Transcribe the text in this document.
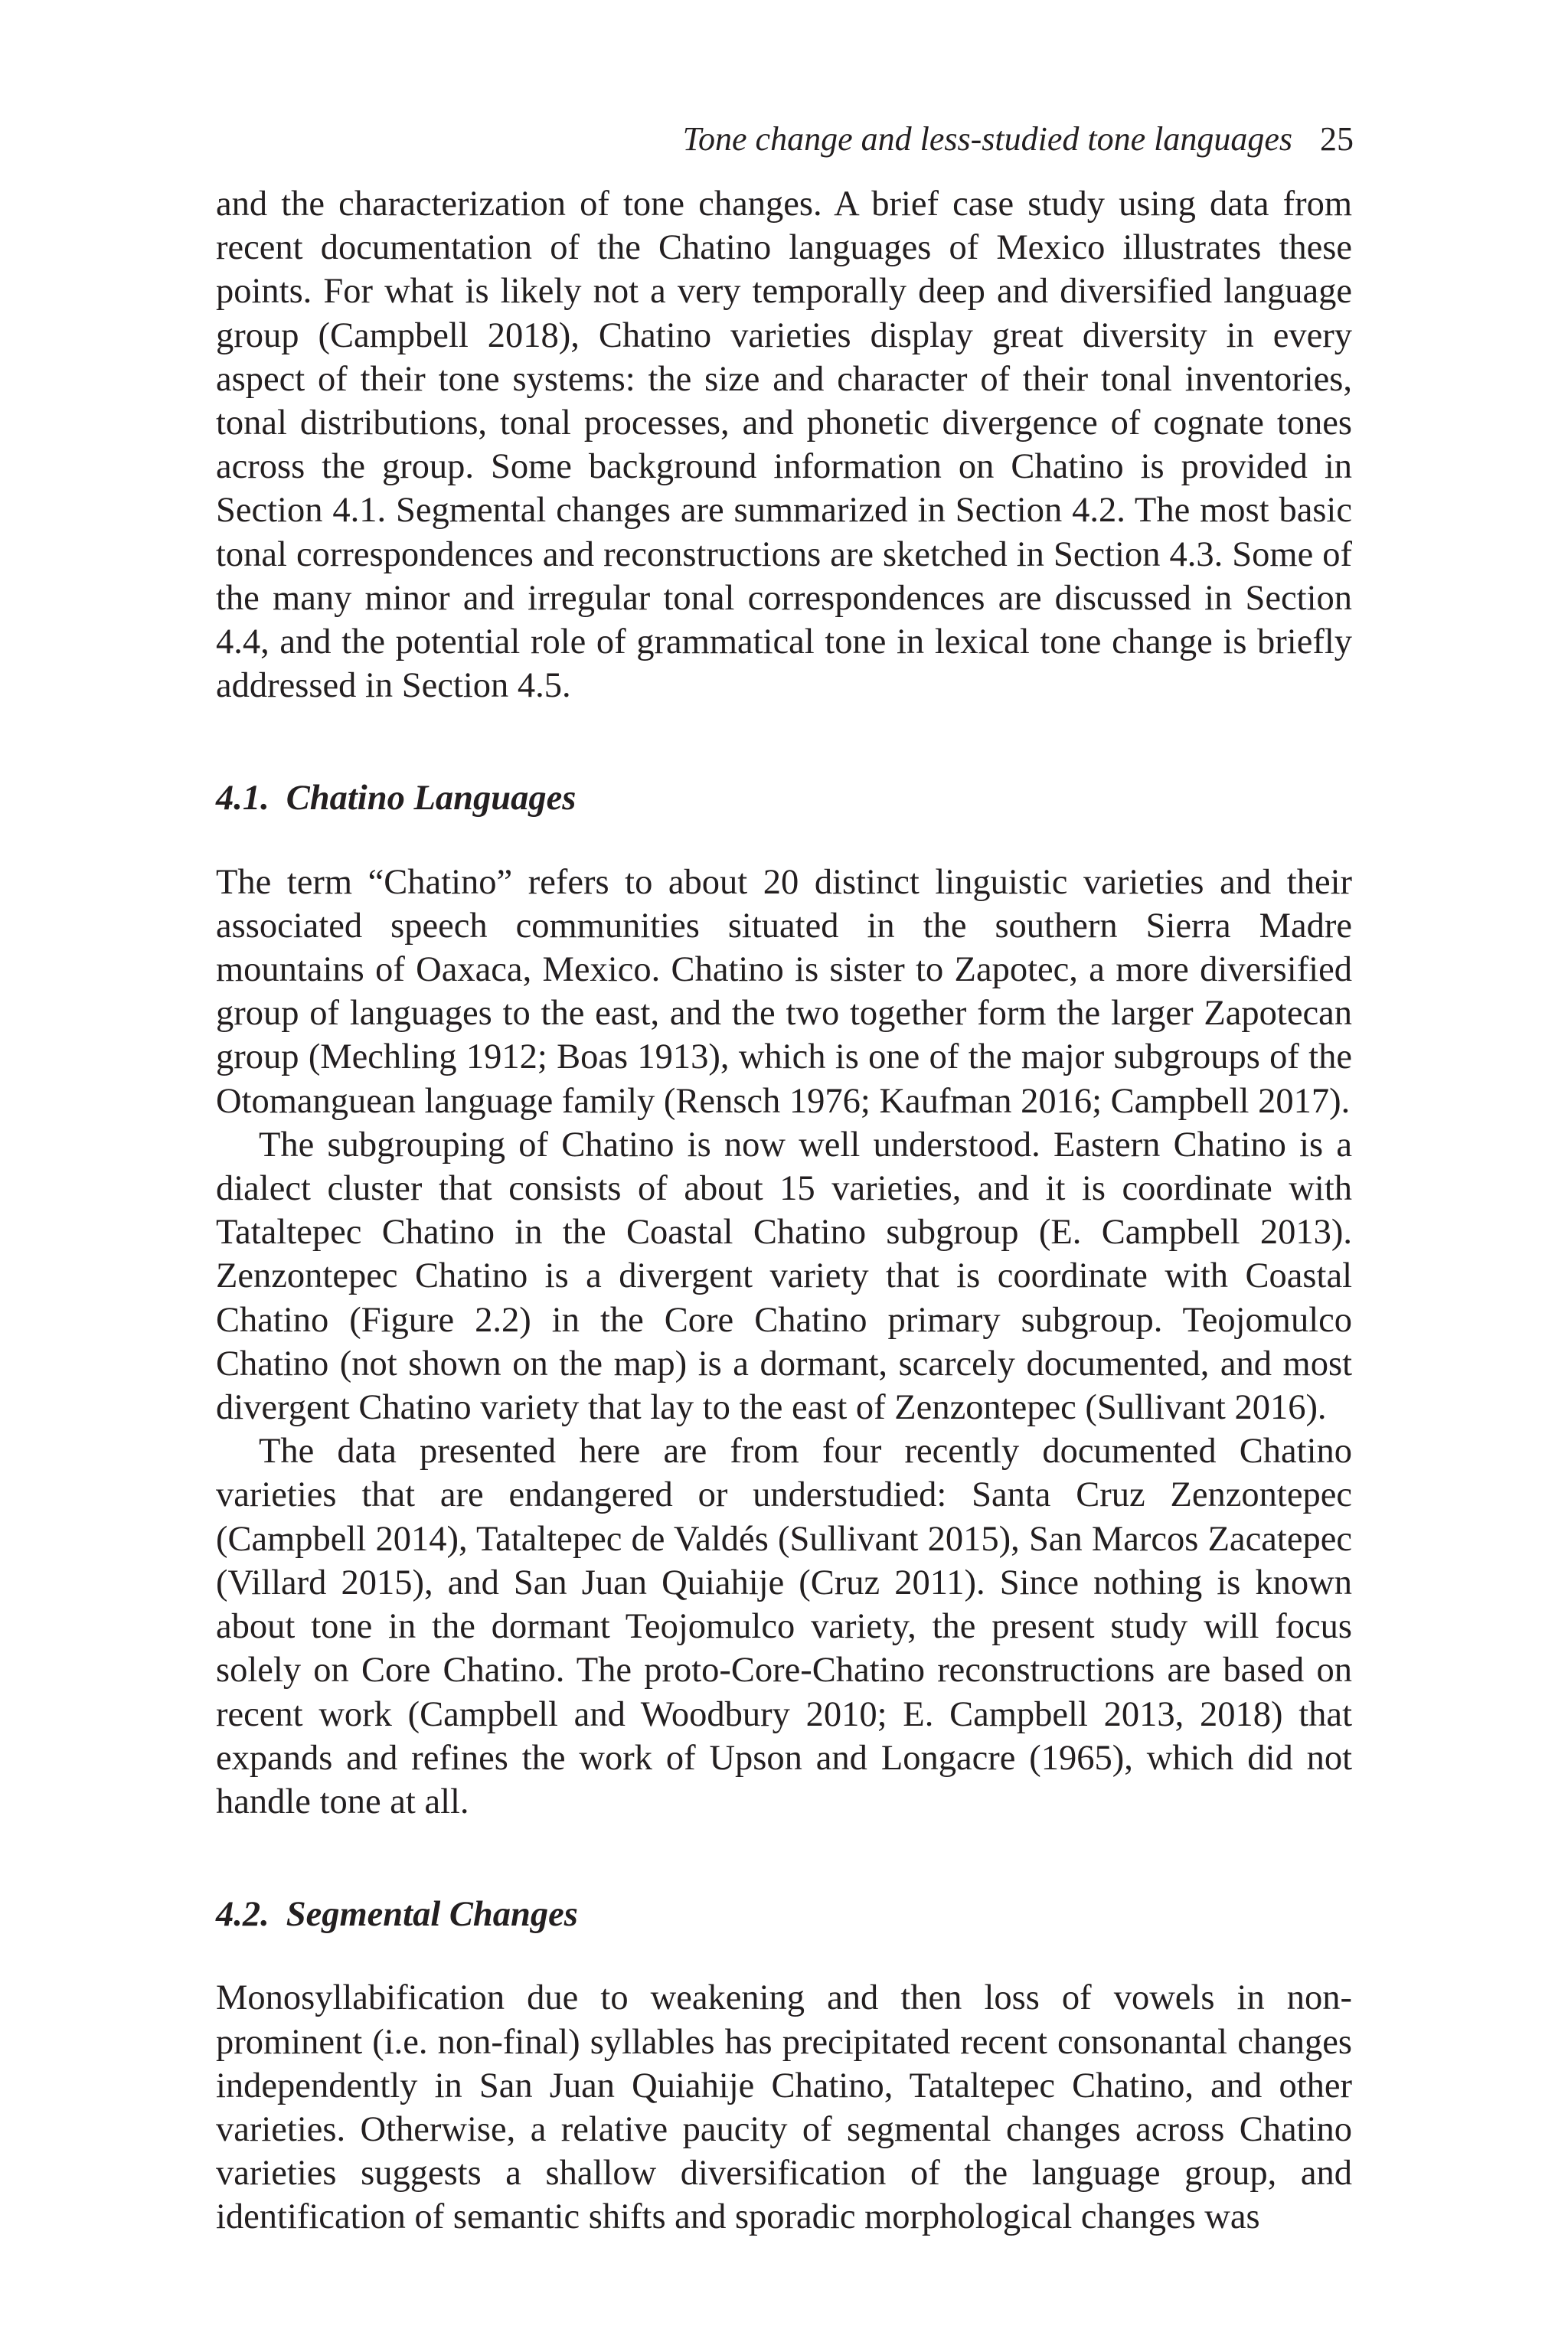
Tone change and less-studied tone languages 25

and the characterization of tone changes. A brief case study using data from recent documentation of the Chatino languages of Mexico illustrates these points. For what is likely not a very temporally deep and diversified language group (Campbell 2018), Chatino varieties display great diversity in every aspect of their tone systems: the size and character of their tonal inventories, tonal distributions, tonal processes, and phonetic divergence of cognate tones across the group. Some background information on Chatino is provided in Section 4.1. Segmental changes are summarized in Section 4.2. The most basic tonal correspondences and reconstructions are sketched in Section 4.3. Some of the many minor and irregular tonal correspondences are discussed in Section 4.4, and the potential role of grammatical tone in lexical tone change is briefly addressed in Section 4.5.

4.1. Chatino Languages

The term “Chatino” refers to about 20 distinct linguistic varieties and their associated speech communities situated in the southern Sierra Madre mountains of Oaxaca, Mexico. Chatino is sister to Zapotec, a more diversified group of languages to the east, and the two together form the larger Zapotecan group (Mechling 1912; Boas 1913), which is one of the major subgroups of the Otomanguean language family (Rensch 1976; Kaufman 2016; Campbell 2017).

The subgrouping of Chatino is now well understood. Eastern Chatino is a dialect cluster that consists of about 15 varieties, and it is coordinate with Tataltepec Chatino in the Coastal Chatino subgroup (E. Campbell 2013). Zenzontepec Chatino is a divergent variety that is coordinate with Coastal Chatino (Figure 2.2) in the Core Chatino primary subgroup. Teojomulco Chatino (not shown on the map) is a dormant, scarcely documented, and most divergent Chatino variety that lay to the east of Zenzontepec (Sullivant 2016).

The data presented here are from four recently documented Chatino varieties that are endangered or understudied: Santa Cruz Zenzontepec (Campbell 2014), Tataltepec de Valdés (Sullivant 2015), San Marcos Zacatepec (Villard 2015), and San Juan Quiahije (Cruz 2011). Since nothing is known about tone in the dormant Teojomulco variety, the present study will focus solely on Core Chatino. The proto-Core-Chatino reconstructions are based on recent work (Campbell and Woodbury 2010; E. Campbell 2013, 2018) that expands and refines the work of Upson and Longacre (1965), which did not handle tone at all.

4.2. Segmental Changes

Monosyllabification due to weakening and then loss of vowels in non-prominent (i.e. non-final) syllables has precipitated recent consonantal changes independently in San Juan Quiahije Chatino, Tataltepec Chatino, and other varieties. Otherwise, a relative paucity of segmental changes across Chatino varieties suggests a shallow diversification of the language group, and identification of semantic shifts and sporadic morphological changes was
